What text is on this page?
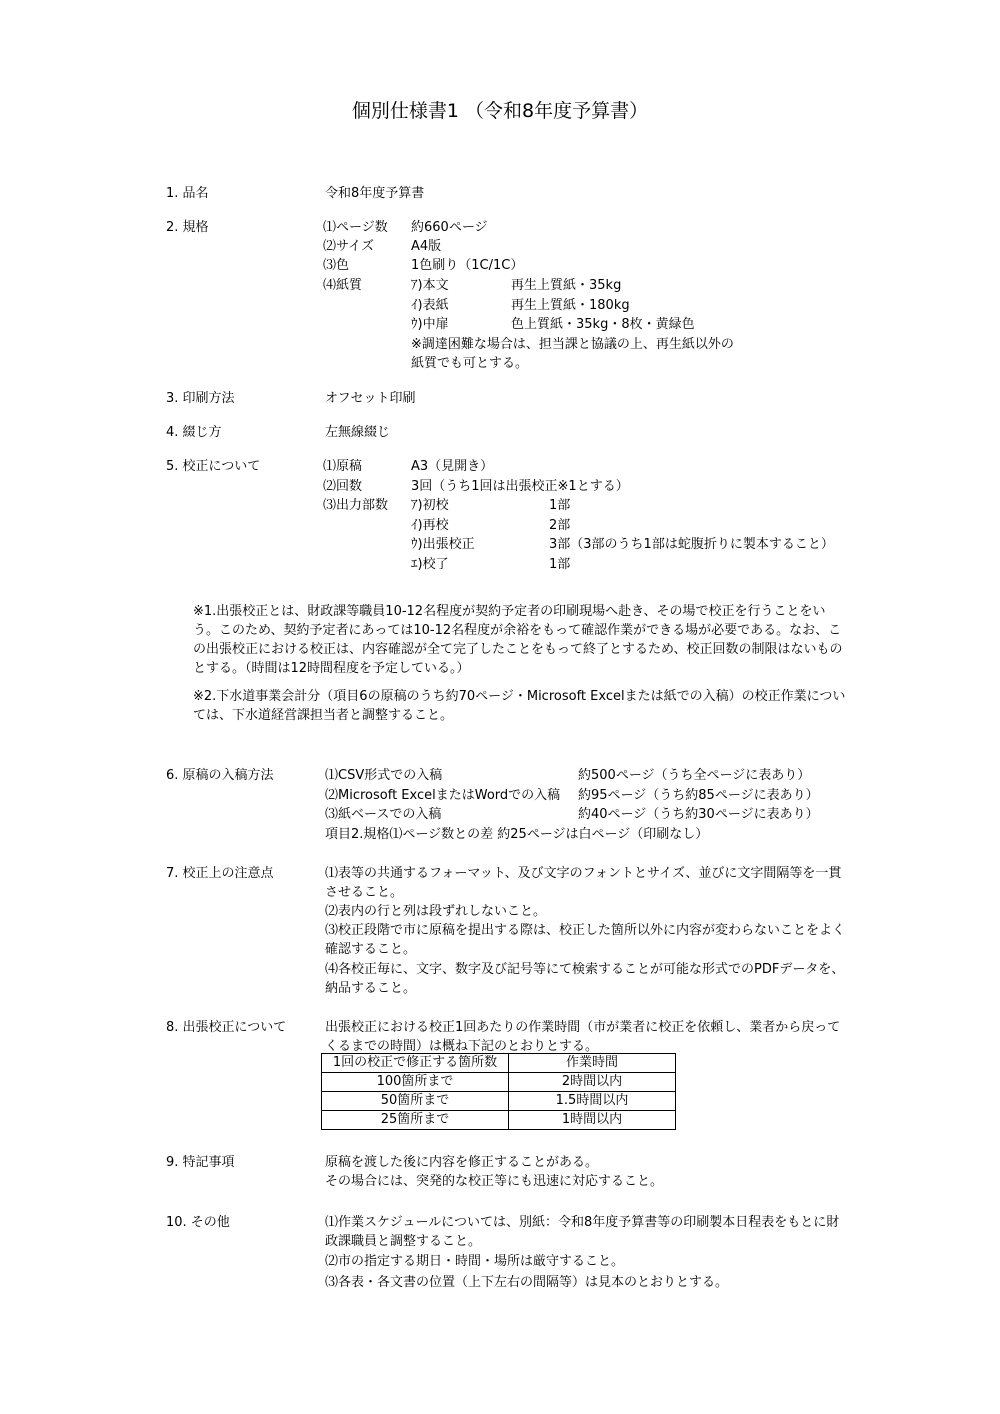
個別仕様書1 （令和8年度予算書）
1. 品名	令和8年度予算書
2. 規格	⑴ページ数 約660ページ
⑵サイズ	A4版
⑶色	1色刷り（1C/1C）
⑷紙質	ｱ)本文	再生上質紙・35kg
ｲ)表紙	再生上質紙・180kg
ｳ)中扉	色上質紙・35kg・8枚・黄緑色
※調達困難な場合は、担当課と協議の上、再生紙以外の
紙質でも可とする。
3. 印刷方法	オフセット印刷
4. 綴じ方	左無線綴じ
5. 校正について	⑴原稿	A3（見開き）
⑵回数	3回（うち1回は出張校正※1とする）
⑶出力部数 ｱ)初校	1部
ｲ)再校	2部
ｳ)出張校正	3部（3部のうち1部は蛇腹折りに製本すること）
ｴ)校了	1部
※1.出張校正とは、財政課等職員10-12名程度が契約予定者の印刷現場へ赴き、その場で校正を行うことをいう。このため、契約予定者にあっては10-12名程度が余裕をもって確認作業ができる場が必要である。なお、この出張校正における校正は、内容確認が全て完了したことをもって終了とするため、校正回数の制限はないものとする。（時間は12時間程度を予定している。）
※2.下水道事業会計分（項目6の原稿のうち約70ページ・Microsoft Excelまたは紙での入稿）の校正作業については、下水道経営課担当者と調整すること。
6. 原稿の入稿方法	⑴CSV形式での入稿	約500ページ（うち全ページに表あり）
⑵Microsoft ExcelまたはWordでの入稿 約95ページ（うち約85ページに表あり）
⑶紙ベースでの入稿	約40ページ（うち約30ページに表あり）
項目2.規格⑴ページ数との差 約25ページは白ページ（印刷なし）
7. 校正上の注意点	⑴表等の共通するフォーマット、及び文字のフォントとサイズ、並びに文字間隔等を一貫させること。
⑵表内の行と列は段ずれしないこと。
⑶校正段階で市に原稿を提出する際は、校正した箇所以外に内容が変わらないことをよく確認すること。
⑷各校正毎に、文字、数字及び記号等にて検索することが可能な形式でのPDFデータを、納品すること。
8. 出張校正について	出張校正における校正1回あたりの作業時間（市が業者に校正を依頼し、業者から戻ってくるまでの時間）は概ね下記のとおりとする。
1回の校正で修正する箇所数	作業時間
100箇所まで	2時間以内
50箇所まで	1.5時間以内
25箇所まで	1時間以内
9. 特記事項	原稿を渡した後に内容を修正することがある。
その場合には、突発的な校正等にも迅速に対応すること。
10. その他	⑴作業スケジュールについては、別紙：令和8年度予算書等の印刷製本日程表をもとに財政課職員と調整すること。
⑵市の指定する期日・時間・場所は厳守すること。
⑶各表・各文書の位置（上下左右の間隔等）は見本のとおりとする。
